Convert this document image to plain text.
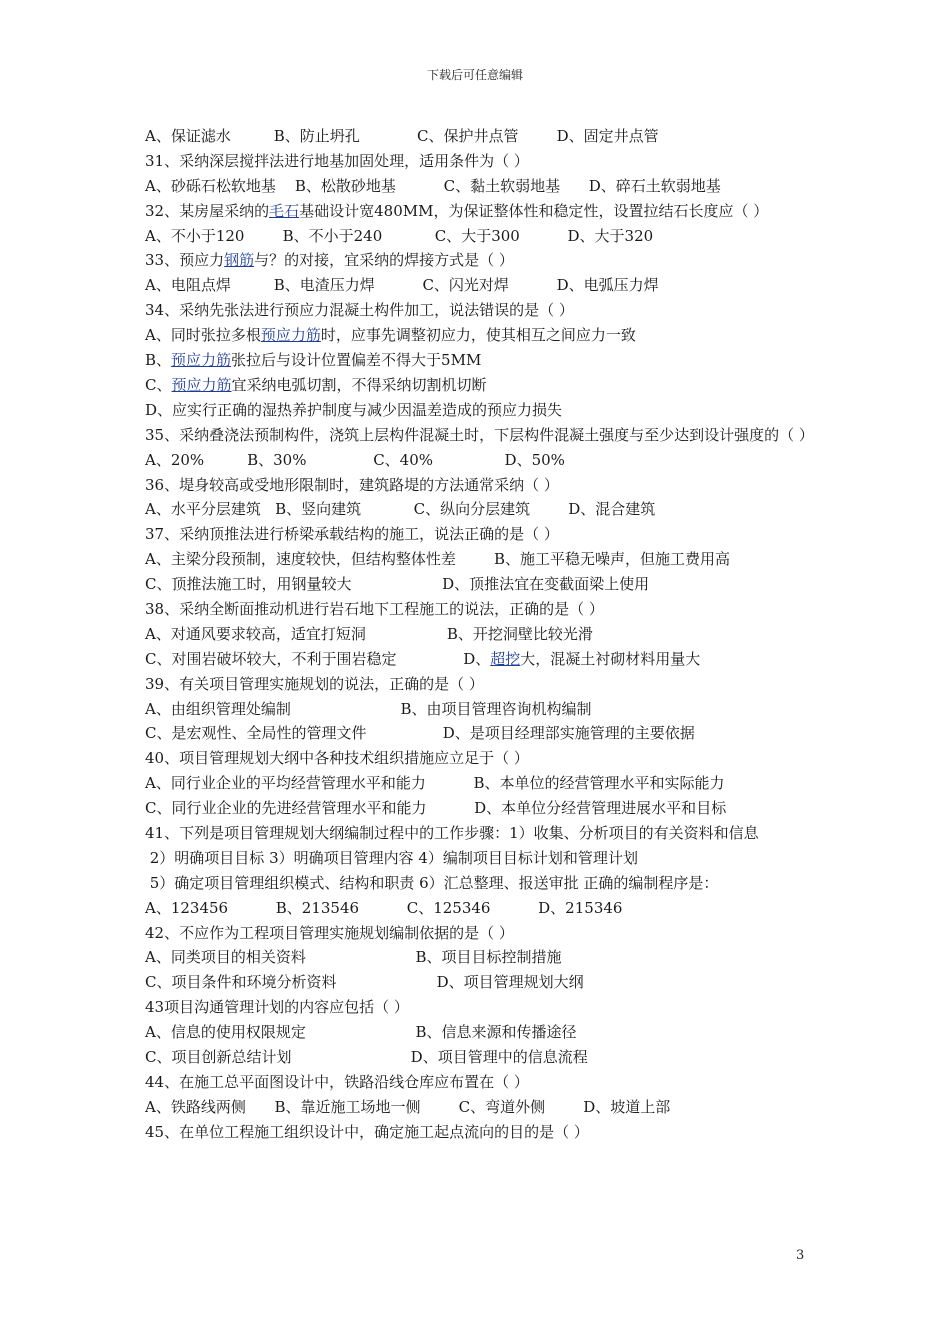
下载后可任意编辑
A、保证滤水         B、防止坍孔            C、保护井点管        D、固定井点管
31、采纳深层搅拌法进行地基加固处理，适用条件为（ ）
A、砂砾石松软地基    B、松散砂地基          C、黏土软弱地基      D、碎石土软弱地基
32、某房屋采纳的毛石基础设计宽480MM，为保证整体性和稳定性，设置拉结石长度应（ ）
A、不小于120        B、不小于240           C、大于300          D、大于320
33、预应力钢筋与？的对接，宜采纳的焊接方式是（ ）
A、电阻点焊         B、电渣压力焊          C、闪光对焊          D、电弧压力焊
34、采纳先张法进行预应力混凝土构件加工，说法错误的是（ ）
A、同时张拉多根预应力筋时，应事先调整初应力，使其相互之间应力一致
B、预应力筋张拉后与设计位置偏差不得大于5MM
C、预应力筋宜采纳电弧切割，不得采纳切割机切断
D、应实行正确的湿热养护制度与减少因温差造成的预应力损失
35、采纳叠浇法预制构件，浇筑上层构件混凝土时，下层构件混凝土强度与至少达到设计强度的（ ）
A、20%         B、30%              C、40%               D、50%
36、堤身较高或受地形限制时，建筑路堤的方法通常采纳（ ）
A、水平分层建筑   B、竖向建筑           C、纵向分层建筑        D、混合建筑
37、采纳顶推法进行桥梁承载结构的施工，说法正确的是（ ）
A、主梁分段预制，速度较快，但结构整体性差        B、施工平稳无噪声，但施工费用高
C、顶推法施工时，用钢量较大                   D、顶推法宜在变截面梁上使用
38、采纳全断面推动机进行岩石地下工程施工的说法，正确的是（ ）
A、对通风要求较高，适宜打短洞                 B、开挖洞壁比较光滑
C、对围岩破坏较大，不利于围岩稳定              D、超挖大，混凝土衬砌材料用量大
39、有关项目管理实施规划的说法，正确的是（ ）
A、由组织管理处编制                       B、由项目管理咨询机构编制
C、是宏观性、全局性的管理文件                D、是项目经理部实施管理的主要依据
40、项目管理规划大纲中各种技术组织措施应立足于（ ）
A、同行业企业的平均经营管理水平和能力          B、本单位的经营管理水平和实际能力
C、同行业企业的先进经营管理水平和能力          D、本单位分经营管理进展水平和目标
41、下列是项目管理规划大纲编制过程中的工作步骤：1）收集、分析项目的有关资料和信息
2）明确项目目标 3）明确项目管理内容 4）编制项目目标计划和管理计划
5）确定项目管理组织模式、结构和职责 6）汇总整理、报送审批 正确的编制程序是：
A、123456          B、213546          C、125346          D、215346
42、不应作为工程项目管理实施规划编制依据的是（ ）
A、同类项目的相关资料                       B、项目目标控制措施
C、项目条件和环境分析资料                     D、项目管理规划大纲
43项目沟通管理计划的内容应包括（ ）
A、信息的使用权限规定                       B、信息来源和传播途径
C、项目创新总结计划                         D、项目管理中的信息流程
44、在施工总平面图设计中，铁路沿线仓库应布置在（ ）
A、铁路线两侧      B、靠近施工场地一侧        C、弯道外侧        D、坡道上部
45、在单位工程施工组织设计中，确定施工起点流向的目的是（ ）
3
